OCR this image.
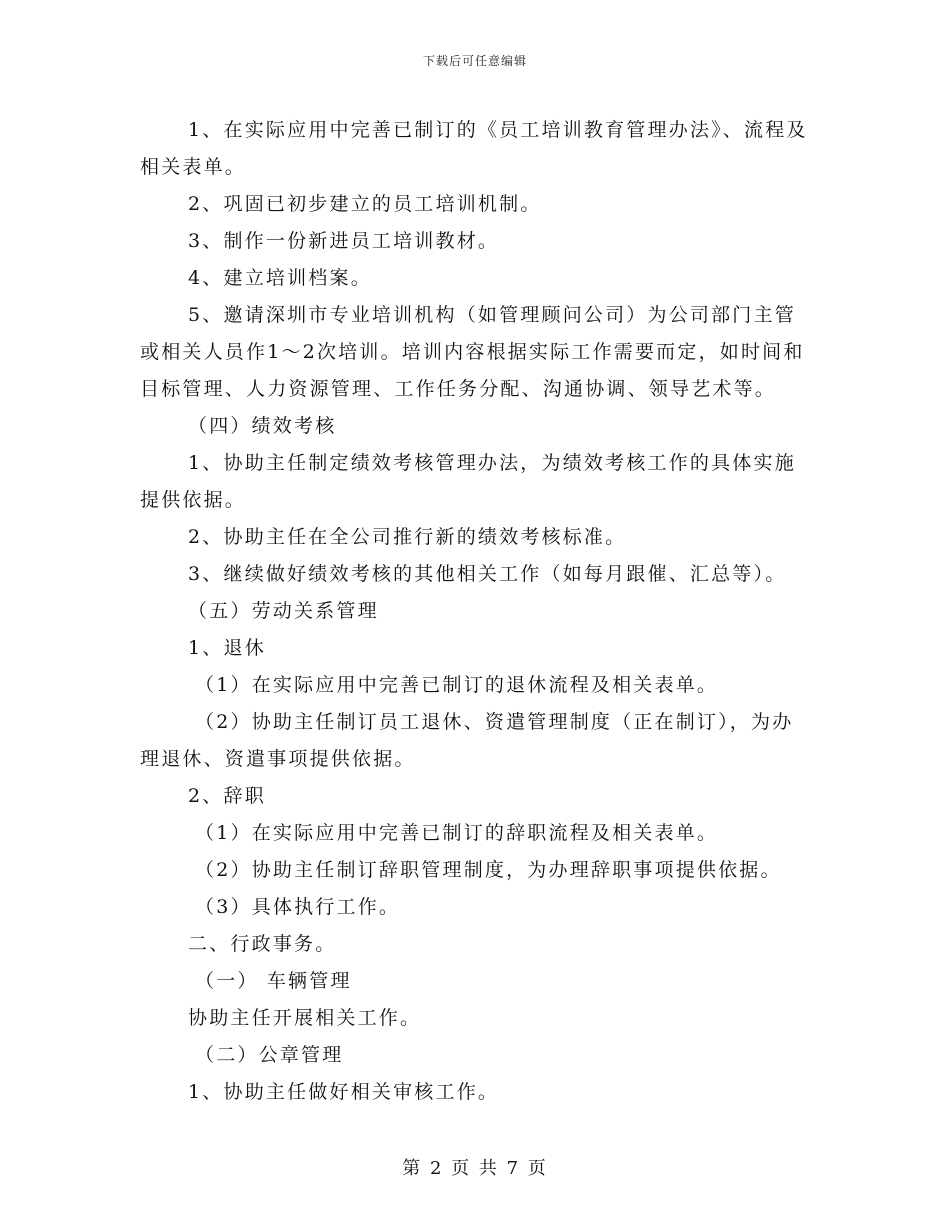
下载后可任意编辑

1、在实际应用中完善已制订的《员工培训教育管理办法》、流程及相关表单。

2、巩固已初步建立的员工培训机制。

3、制作一份新进员工培训教材。

4、建立培训档案。

5、邀请深圳市专业培训机构（如管理顾问公司）为公司部门主管或相关人员作1～2次培训。培训内容根据实际工作需要而定，如时间和目标管理、人力资源管理、工作任务分配、沟通协调、领导艺术等。

（四）绩效考核

1、协助主任制定绩效考核管理办法，为绩效考核工作的具体实施提供依据。

2、协助主任在全公司推行新的绩效考核标准。

3、继续做好绩效考核的其他相关工作（如每月跟催、汇总等）。

（五）劳动关系管理

1、退休

（1）在实际应用中完善已制订的退休流程及相关表单。

（2）协助主任制订员工退休、资遣管理制度（正在制订），为办理退休、资遣事项提供依据。

2、辞职

（1）在实际应用中完善已制订的辞职流程及相关表单。

（2）协助主任制订辞职管理制度，为办理辞职事项提供依据。

（3）具体执行工作。

二、行政事务。

（一） 车辆管理

协助主任开展相关工作。

（二）公章管理

1、协助主任做好相关审核工作。

第 2 页 共 7 页
